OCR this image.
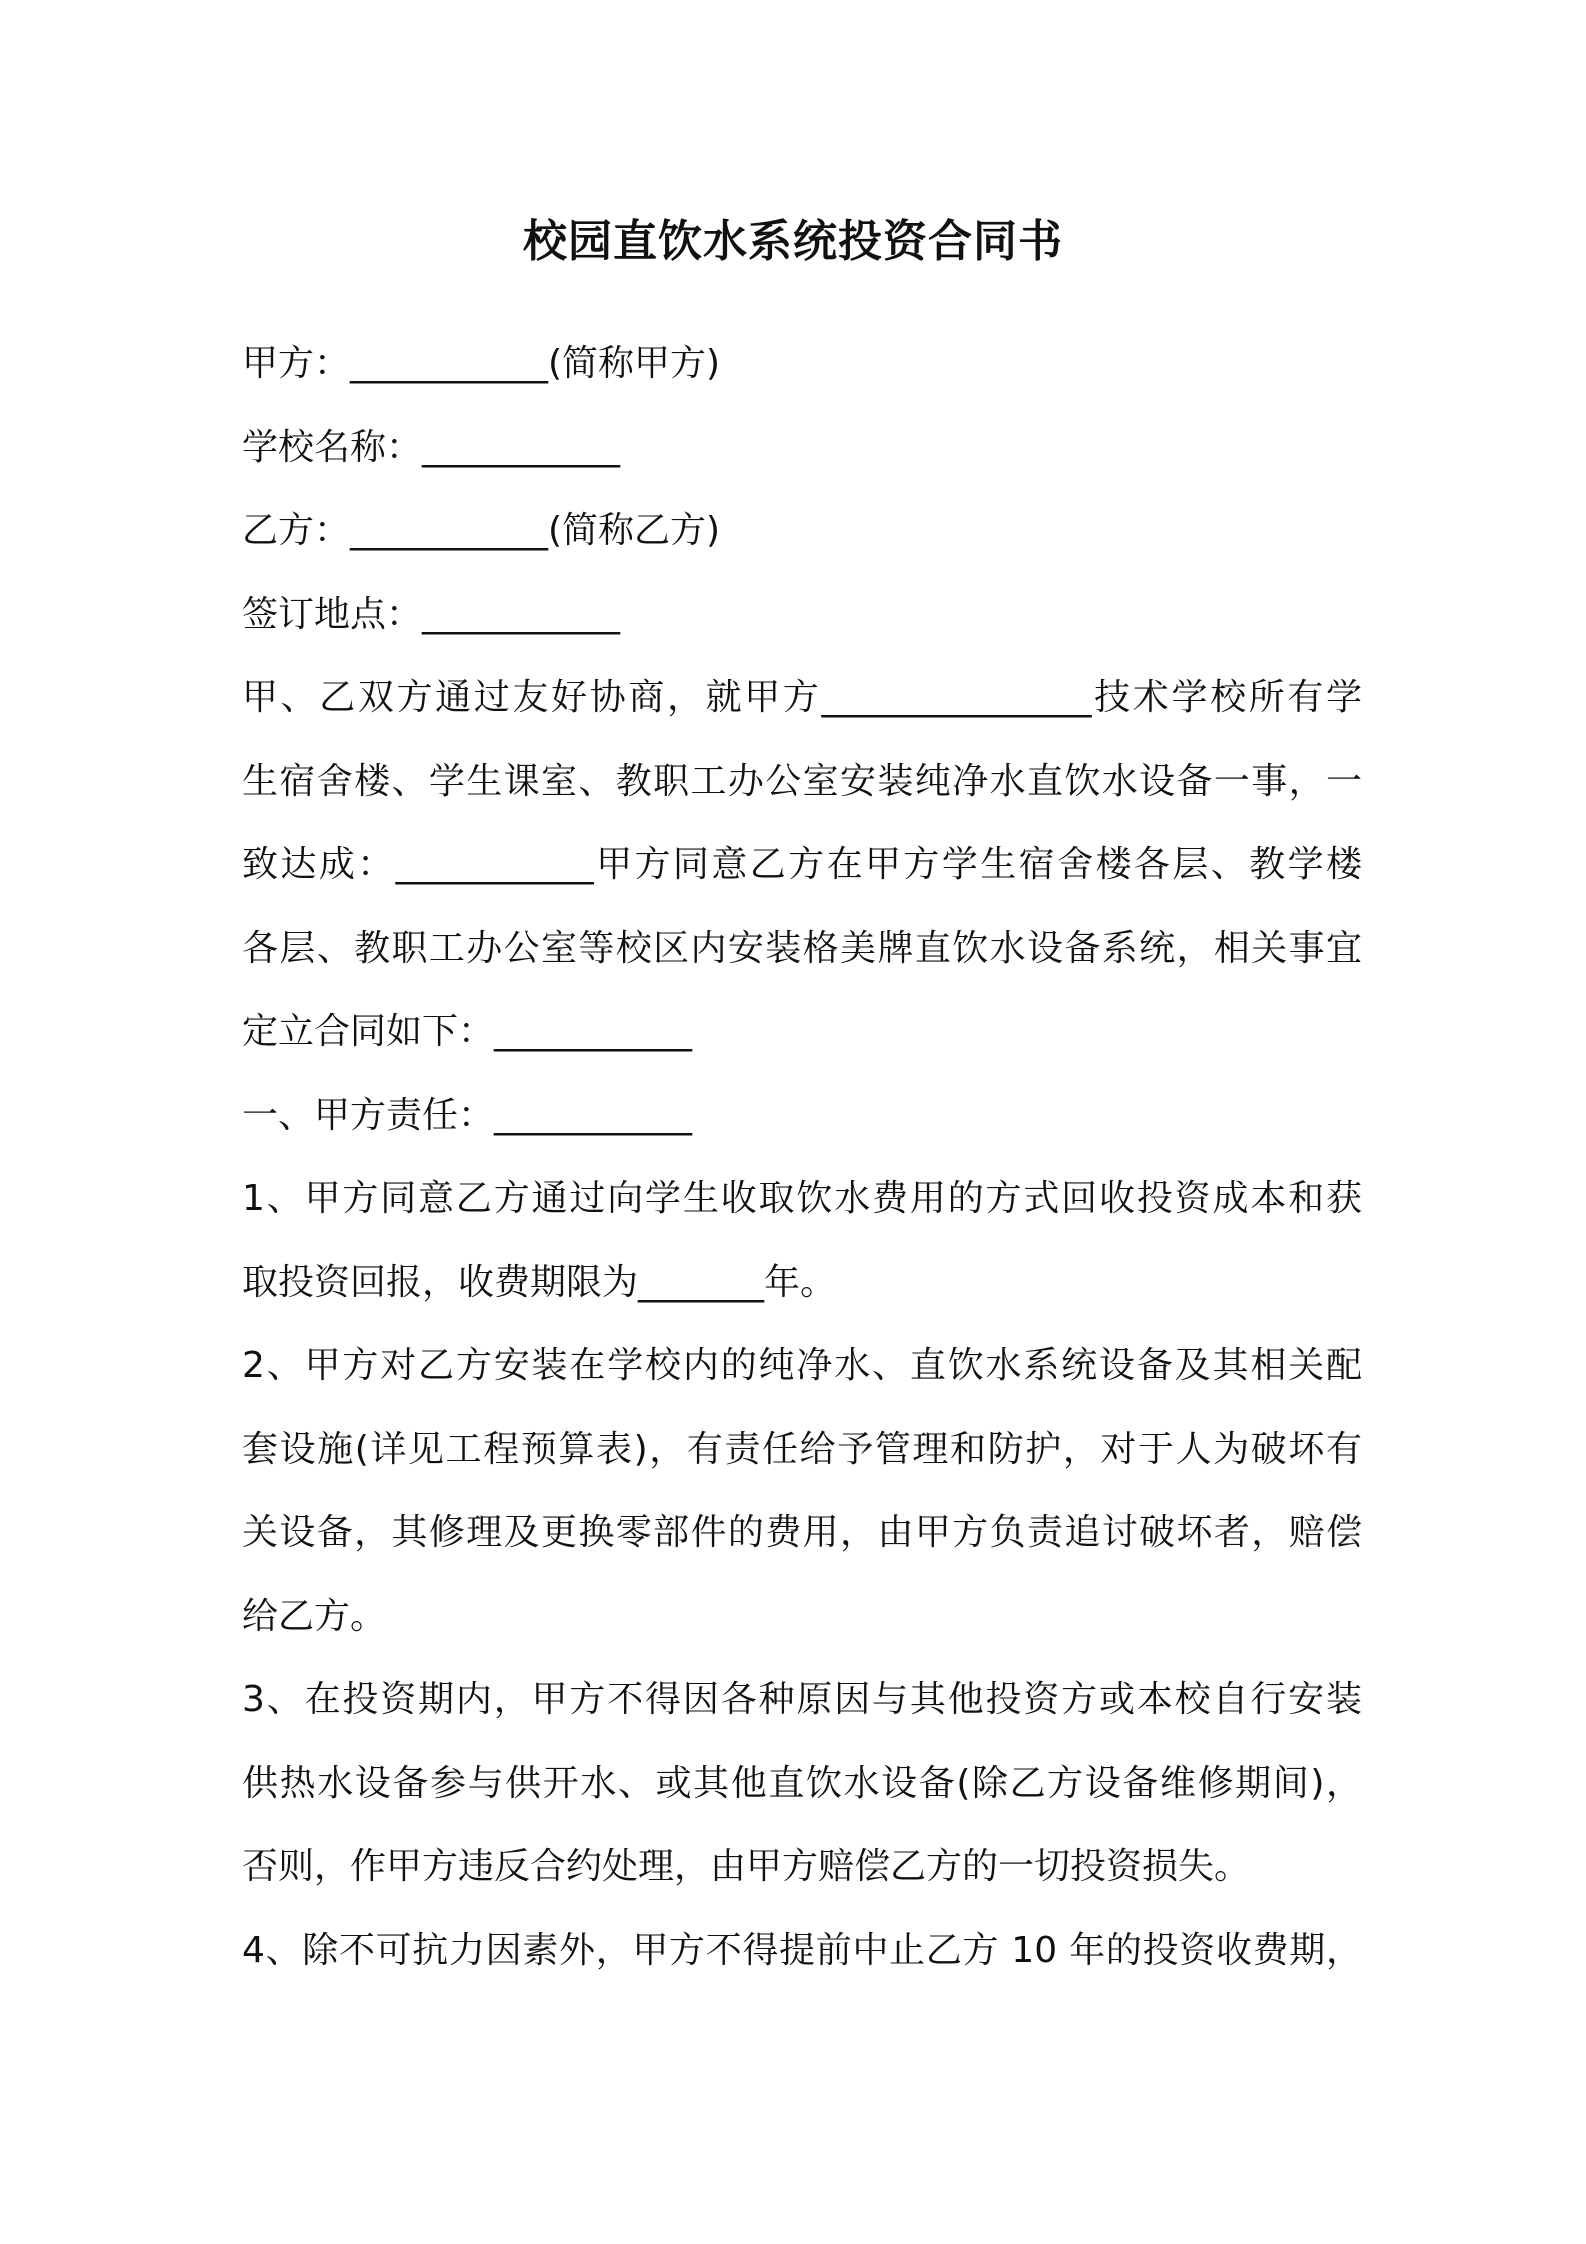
校园直饮水系统投资合同书
甲方：___________(简称甲方)
学校名称：___________
乙方：___________(简称乙方)
签订地点：___________
甲、乙双方通过友好协商，就甲方_______________技术学校所有学
生宿舍楼、学生课室、教职工办公室安装纯净水直饮水设备一事，一
致达成：___________甲方同意乙方在甲方学生宿舍楼各层、教学楼
各层、教职工办公室等校区内安装格美牌直饮水设备系统，相关事宜
定立合同如下：___________
一、甲方责任：___________
1、甲方同意乙方通过向学生收取饮水费用的方式回收投资成本和获
取投资回报，收费期限为_______年。
2、甲方对乙方安装在学校内的纯净水、直饮水系统设备及其相关配
套设施(详见工程预算表)，有责任给予管理和防护，对于人为破坏有
关设备，其修理及更换零部件的费用，由甲方负责追讨破坏者，赔偿
给乙方。
3、在投资期内，甲方不得因各种原因与其他投资方或本校自行安装
供热水设备参与供开水、或其他直饮水设备(除乙方设备维修期间)，
否则，作甲方违反合约处理，由甲方赔偿乙方的一切投资损失。
4、除不可抗力因素外，甲方不得提前中止乙方 10 年的投资收费期，
